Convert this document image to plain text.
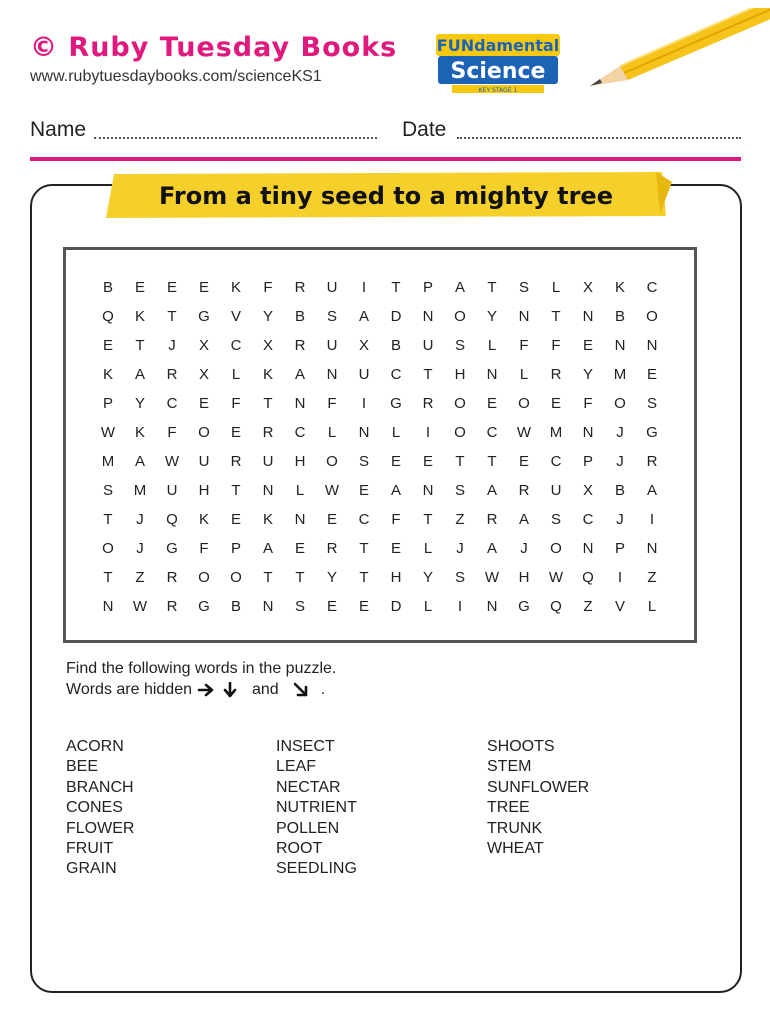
© Ruby Tuesday Books
www.rubytuesdaybooks.com/scienceKS1
FUNdamental
Science
KEY STAGE 1
Name	Date
From a tiny seed to a mighty tree
B	E	E	E	K	F	R	U	I	T	P	A	T	S	L	X	K	C
Q	K	T	G	V	Y	B	S	A	D	N	O	Y	N	T	N	B	O
E	T	J	X	C	X	R	U	X	B	U	S	L	F	F	E	N	N
K	A	R	X	L	K	A	N	U	C	T	H	N	L	R	Y	M	E
P	Y	C	E	F	T	N	F	I	G	R	O	E	O	E	F	O	S
W	K	F	O	E	R	C	L	N	L	I	O	C	W	M	N	J	G
M	A	W	U	R	U	H	O	S	E	E	T	T	E	C	P	J	R
S	M	U	H	T	N	L	W	E	A	N	S	A	R	U	X	B	A
T	J	Q	K	E	K	N	E	C	F	T	Z	R	A	S	C	J	I
O	J	G	F	P	A	E	R	T	E	L	J	A	J	O	N	P	N
T	Z	R	O	O	T	T	Y	T	H	Y	S	W	H	W	Q	I	Z
N	W	R	G	B	N	S	E	E	D	L	I	N	G	Q	Z	V	L
Find the following words in the puzzle.
Words are hidden	and	.
ACORN
BEE
BRANCH
CONES
FLOWER
FRUIT
GRAIN
INSECT
LEAF
NECTAR
NUTRIENT
POLLEN
ROOT
SEEDLING
SHOOTS
STEM
SUNFLOWER
TREE
TRUNK
WHEAT
